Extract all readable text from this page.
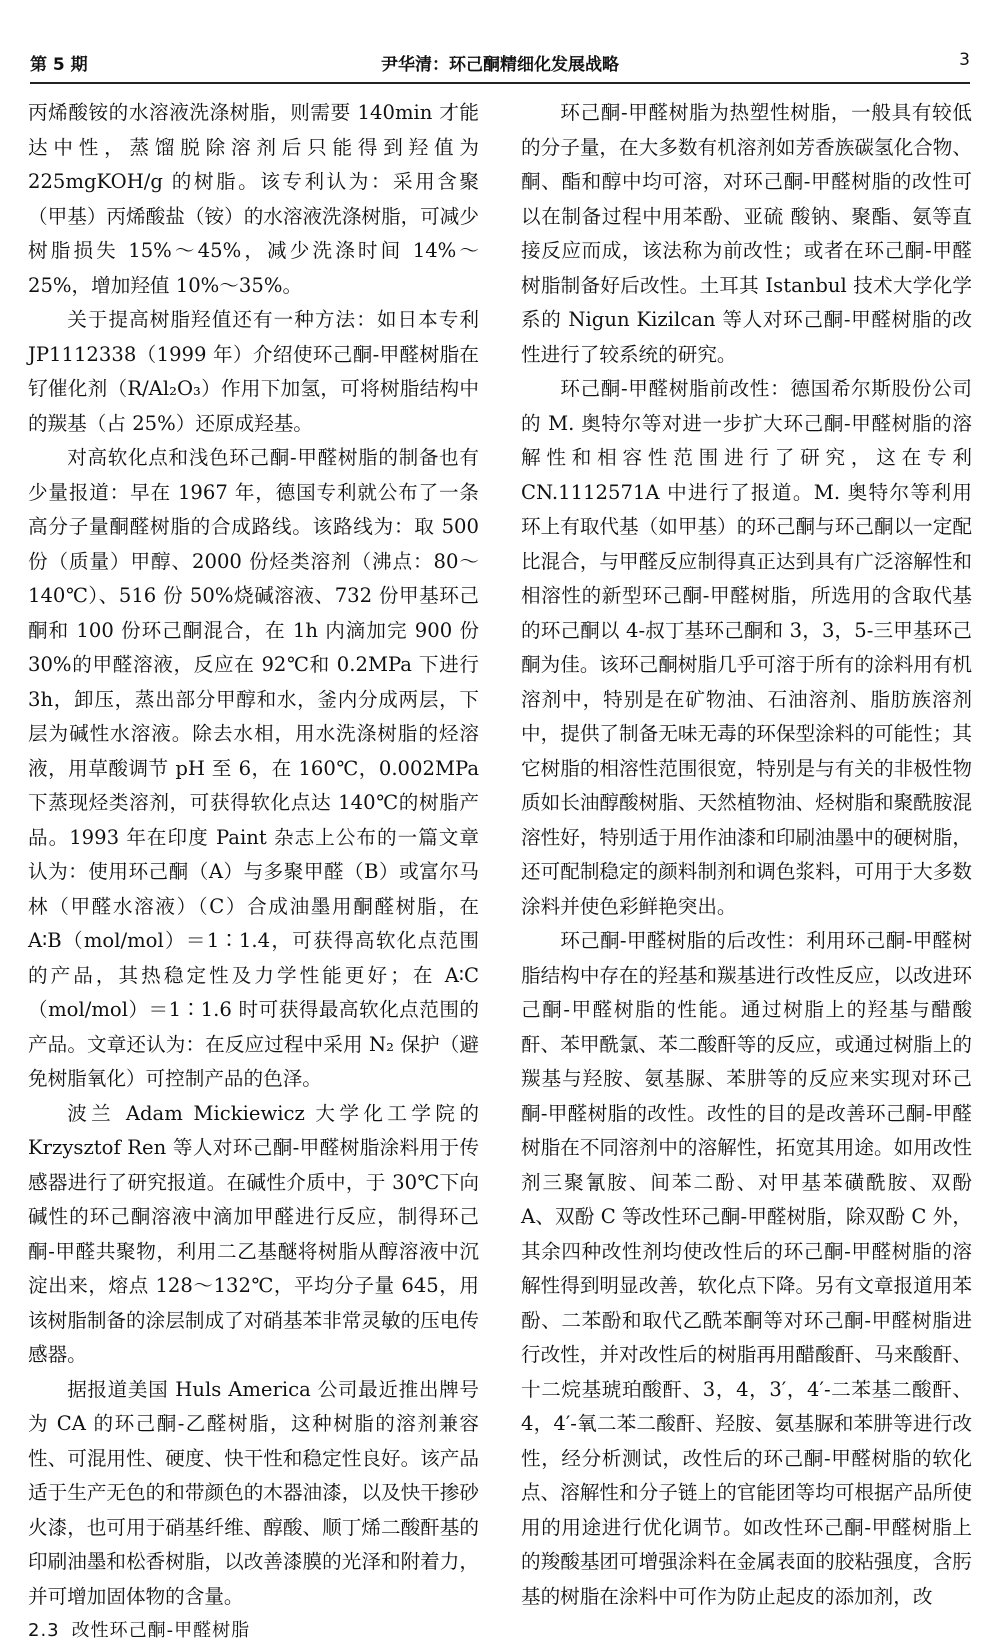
第 5 期	尹华清：环己酮精细化发展战略	3

丙烯酸铵的水溶液洗涤树脂，则需要 140min 才能达中性，蒸馏脱除溶剂后只能得到羟值为 225mgKOH/g 的树脂。该专利认为：采用含聚（甲基）丙烯酸盐（铵）的水溶液洗涤树脂，可减少树脂损失 15%～45%，减少洗涤时间 14%～25%，增加羟值 10%～35%。

关于提高树脂羟值还有一种方法：如日本专利 JP1112338（1999 年）介绍使环己酮-甲醛树脂在钌催化剂（R/Al₂O₃）作用下加氢，可将树脂结构中的羰基（占 25%）还原成羟基。

对高软化点和浅色环己酮-甲醛树脂的制备也有少量报道：早在 1967 年，德国专利就公布了一条高分子量酮醛树脂的合成路线。该路线为：取 500 份（质量）甲醇、2000 份烃类溶剂（沸点：80～140℃）、516 份 50%烧碱溶液、732 份甲基环己酮和 100 份环己酮混合，在 1h 内滴加完 900 份 30%的甲醛溶液，反应在 92℃和 0.2MPa 下进行 3h，卸压，蒸出部分甲醇和水，釜内分成两层，下层为碱性水溶液。除去水相，用水洗涤树脂的烃溶液，用草酸调节 pH 至 6，在 160℃，0.002MPa 下蒸现烃类溶剂，可获得软化点达 140℃的树脂产品。1993 年在印度 Paint 杂志上公布的一篇文章认为：使用环己酮（A）与多聚甲醛（B）或富尔马林（甲醛水溶液）（C）合成油墨用酮醛树脂，在 A∶B（mol/mol）＝1∶1.4，可获得高软化点范围的产品，其热稳定性及力学性能更好；在 A∶C（mol/mol）＝1∶1.6 时可获得最高软化点范围的产品。文章还认为：在反应过程中采用 N₂ 保护（避免树脂氧化）可控制产品的色泽。

波兰 Adam Mickiewicz 大学化工学院的 Krzysztof Ren 等人对环己酮-甲醛树脂涂料用于传感器进行了研究报道。在碱性介质中，于 30℃下向碱性的环己酮溶液中滴加甲醛进行反应，制得环己酮-甲醛共聚物，利用二乙基醚将树脂从醇溶液中沉淀出来，熔点 128～132℃，平均分子量 645，用该树脂制备的涂层制成了对硝基苯非常灵敏的压电传感器。

据报道美国 Huls America 公司最近推出牌号为 CA 的环己酮-乙醛树脂，这种树脂的溶剂兼容性、可混用性、硬度、快干性和稳定性良好。该产品适于生产无色的和带颜色的木器油漆，以及快干掺砂火漆，也可用于硝基纤维、醇酸、顺丁烯二酸酐基的印刷油墨和松香树脂，以改善漆膜的光泽和附着力，并可增加固体物的含量。

2.3 改性环己酮-甲醛树脂

环己酮-甲醛树脂为热塑性树脂，一般具有较低的分子量，在大多数有机溶剂如芳香族碳氢化合物、酮、酯和醇中均可溶，对环己酮-甲醛树脂的改性可以在制备过程中用苯酚、亚硫 酸钠、聚酯、氨等直接反应而成，该法称为前改性；或者在环己酮-甲醛树脂制备好后改性。土耳其 Istanbul 技术大学化学系的 Nigun Kizilcan 等人对环己酮-甲醛树脂的改性进行了较系统的研究。

环己酮-甲醛树脂前改性：德国希尔斯股份公司的 M. 奥特尔等对进一步扩大环己酮-甲醛树脂的溶解性和相容性范围进行了研究，这在专利 CN.1112571A 中进行了报道。M. 奥特尔等利用环上有取代基（如甲基）的环己酮与环己酮以一定配比混合，与甲醛反应制得真正达到具有广泛溶解性和相溶性的新型环己酮-甲醛树脂，所选用的含取代基的环己酮以 4-叔丁基环己酮和 3，3，5-三甲基环己酮为佳。该环己酮树脂几乎可溶于所有的涂料用有机溶剂中，特别是在矿物油、石油溶剂、脂肪族溶剂中，提供了制备无味无毒的环保型涂料的可能性；其它树脂的相溶性范围很宽，特别是与有关的非极性物质如长油醇酸树脂、天然植物油、烃树脂和聚酰胺混溶性好，特别适于用作油漆和印刷油墨中的硬树脂，还可配制稳定的颜料制剂和调色浆料，可用于大多数涂料并使色彩鲜艳突出。

环己酮-甲醛树脂的后改性：利用环己酮-甲醛树脂结构中存在的羟基和羰基进行改性反应，以改进环己酮-甲醛树脂的性能。通过树脂上的羟基与醋酸酐、苯甲酰氯、苯二酸酐等的反应，或通过树脂上的羰基与羟胺、氨基脲、苯肼等的反应来实现对环己酮-甲醛树脂的改性。改性的目的是改善环己酮-甲醛树脂在不同溶剂中的溶解性，拓宽其用途。如用改性剂三聚氰胺、间苯二酚、对甲基苯磺酰胺、双酚 A、双酚 C 等改性环己酮-甲醛树脂，除双酚 C 外，其余四种改性剂均使改性后的环己酮-甲醛树脂的溶解性得到明显改善，软化点下降。另有文章报道用苯酚、二苯酚和取代乙酰苯酮等对环己酮-甲醛树脂进行改性，并对改性后的树脂再用醋酸酐、马来酸酐、十二烷基琥珀酸酐、3，4，3′，4′-二苯基二酸酐、4，4′-氧二苯二酸酐、羟胺、氨基脲和苯肼等进行改性，经分析测试，改性后的环己酮-甲醛树脂的软化点、溶解性和分子链上的官能团等均可根据产品所使用的用途进行优化调节。如改性环己酮-甲醛树脂上的羧酸基团可增强涂料在金属表面的胶粘强度，含肟基的树脂在涂料中可作为防止起皮的添加剂，改
